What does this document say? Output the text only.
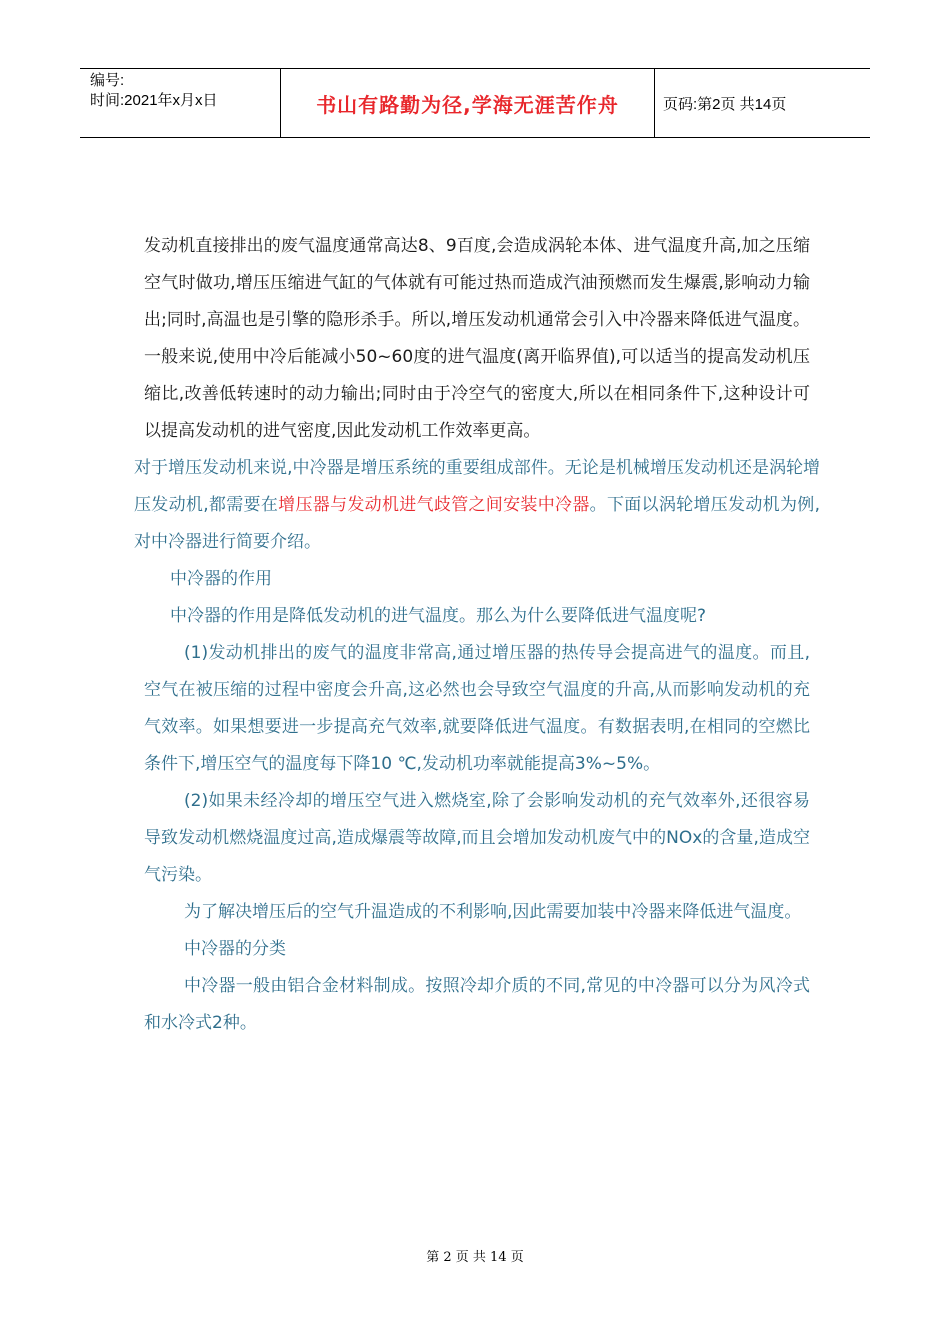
编号:
时间:2021年x月x日	书山有路勤为径,学海无涯苦作舟	页码:第2页 共14页

发动机直接排出的废气温度通常高达8、9百度,会造成涡轮本体、进气温度升高,加之压缩空气时做功,增压压缩进气缸的气体就有可能过热而造成汽油预燃而发生爆震,影响动力输出;同时,高温也是引擎的隐形杀手。所以,增压发动机通常会引入中冷器来降低进气温度。一般来说,使用中冷后能减小50~60度的进气温度(离开临界值),可以适当的提高发动机压缩比,改善低转速时的动力输出;同时由于冷空气的密度大,所以在相同条件下,这种设计可以提高发动机的进气密度,因此发动机工作效率更高。

对于增压发动机来说,中冷器是增压系统的重要组成部件。无论是机械增压发动机还是涡轮增压发动机,都需要在增压器与发动机进气歧管之间安装中冷器。下面以涡轮增压发动机为例,对中冷器进行简要介绍。

中冷器的作用

中冷器的作用是降低发动机的进气温度。那么为什么要降低进气温度呢?

(1)发动机排出的废气的温度非常高,通过增压器的热传导会提高进气的温度。而且,空气在被压缩的过程中密度会升高,这必然也会导致空气温度的升高,从而影响发动机的充气效率。如果想要进一步提高充气效率,就要降低进气温度。有数据表明,在相同的空燃比条件下,增压空气的温度每下降10 ℃,发动机功率就能提高3%~5%。

(2)如果未经冷却的增压空气进入燃烧室,除了会影响发动机的充气效率外,还很容易导致发动机燃烧温度过高,造成爆震等故障,而且会增加发动机废气中的NOx的含量,造成空气污染。

为了解决增压后的空气升温造成的不利影响,因此需要加装中冷器来降低进气温度。

中冷器的分类

中冷器一般由铝合金材料制成。按照冷却介质的不同,常见的中冷器可以分为风冷式和水冷式2种。

第 2 页 共 14 页
